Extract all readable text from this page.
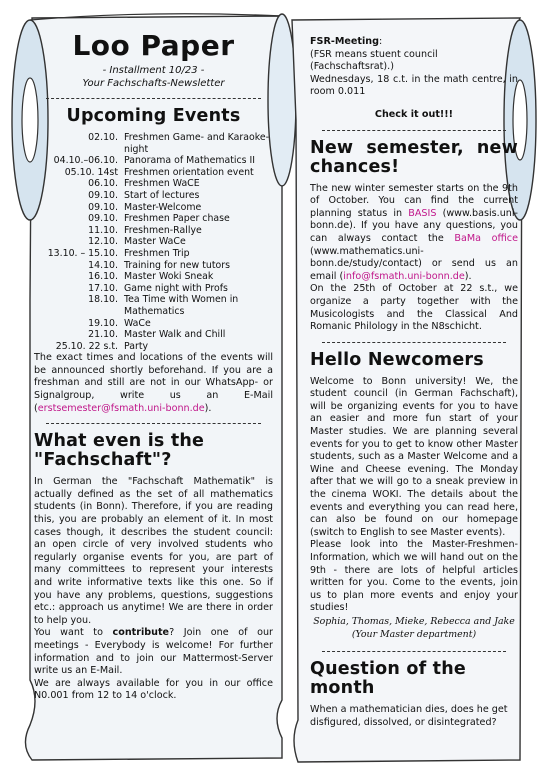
Loo Paper
- Installment 10/23 -
Your Fachschafts-Newsletter
Upcoming Events
02.10.	Freshmen Game- and Karaoke-night
04.10.–06.10.	Panorama of Mathematics II
05.10. 14st	Freshmen orientation event
06.10.	Freshmen WaCE
09.10.	Start of lectures
09.10.	Master-Welcome
09.10.	Freshmen Paper chase
11.10.	Freshmen-Rallye
12.10.	Master WaCe
13.10. – 15.10.	Freshmen Trip
14.10.	Training for new tutors
16.10.	Master Woki Sneak
17.10.	Game night with Profs
18.10.	Tea Time with Women in Mathematics
19.10.	WaCe
21.10.	Master Walk and Chill
25.10. 22 s.t.	Party

The exact times and locations of the events will be announced shortly beforehand. If you are a freshman and still are not in our WhatsApp- or Signalgroup, write us an E-Mail (erstsemester@fsmath.uni-bonn.de).

What even is the "Fachschaft"?

In German the "Fachschaft Mathematik" is actually defined as the set of all mathematics students (in Bonn). Therefore, if you are reading this, you are probably an element of it. In most cases though, it describes the student council: an open circle of very involved students who regularly organise events for you, are part of many committees to represent your interests and write informative texts like this one. So if you have any problems, questions, suggestions etc.: approach us anytime! We are there in order to help you.

You want to contribute? Join one of our meetings - Everybody is welcome! For further information and to join our Mattermost-Server write us an E-Mail.

We are always available for you in our office N0.001 from 12 to 14 o'clock.

FSR-Meeting:
(FSR means stuent council (Fachschaftsrat).)

Wednesdays, 18 c.t. in the math centre, in room 0.011

Check it out!!!
New semester, new chances!

The new winter semester starts on the 9th of October. You can find the current planning status in BASIS (www.basis.uni-bonn.de). If you have any questions, you can always contact the BaMa office (www.mathematics.uni-bonn.de/study/contact) or send us an email (info@fsmath.uni-bonn.de).

On the 25th of October at 22 s.t., we organize a party together with the Musicologists and the Classical And Romanic Philology in the N8schicht.

Hello Newcomers

Welcome to Bonn university! We, the student council (in German Fachschaft), will be organizing events for you to have an easier and more fun start of your Master studies. We are planning several events for you to get to know other Master students, such as a Master Welcome and a Wine and Cheese evening. The Monday after that we will go to a sneak preview in the cinema WOKI. The details about the events and everything you can read here, can also be found on our homepage (switch to English to see Master events).

Please look into the Master-Freshmen-Information, which we will hand out on the 9th - there are lots of helpful articles written for you. Come to the events, join us to plan more events and enjoy your studies!

Sophia, Thomas, Mieke, Rebecca and Jake
(Your Master department)
Question of the month

When a mathematician dies, does he get disfigured, dissolved, or disintegrated?
